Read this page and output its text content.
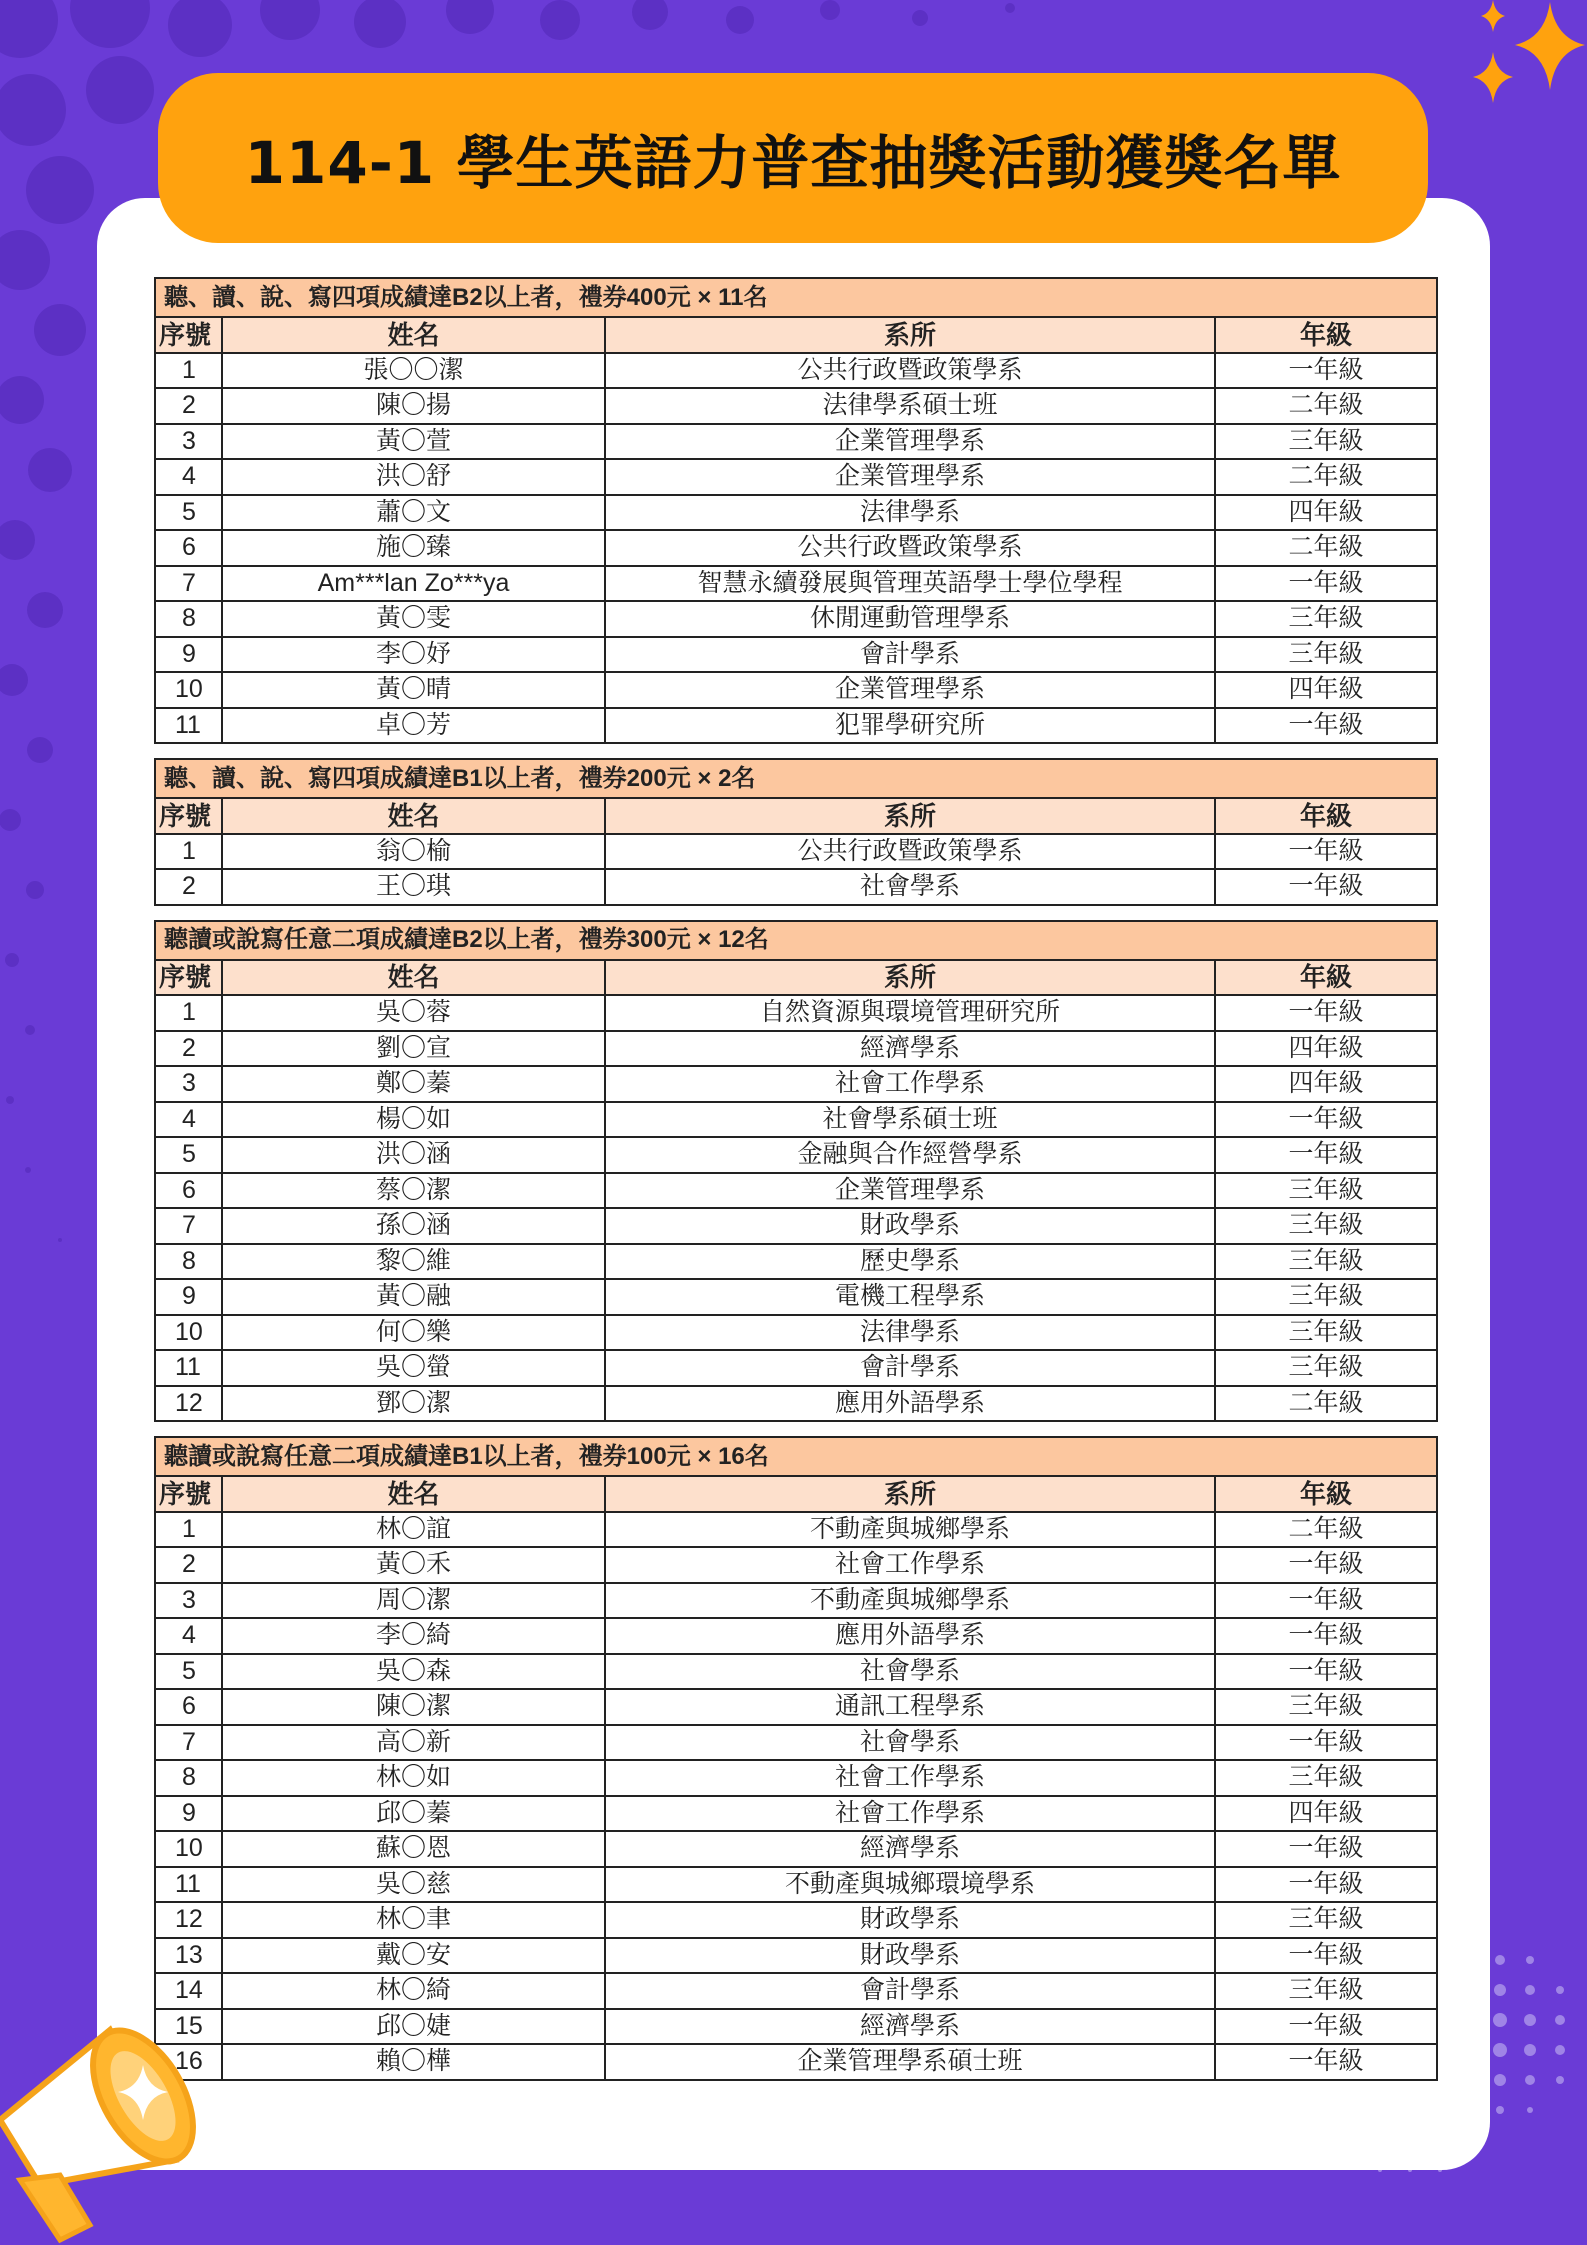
114-1 學生英語力普查抽獎活動獲獎名單
聽、讀、說、寫四項成績達B2以上者，禮券400元 × 11名			
序號	姓名	系所	年級
1	張〇〇潔	公共行政暨政策學系	一年級
2	陳〇揚	法律學系碩士班	二年級
3	黃〇萱	企業管理學系	三年級
4	洪〇舒	企業管理學系	二年級
5	蕭〇文	法律學系	四年級
6	施〇臻	公共行政暨政策學系	二年級
7	Am***lan Zo***ya	智慧永續發展與管理英語學士學位學程	一年級
8	黃〇雯	休閒運動管理學系	三年級
9	李〇妤	會計學系	三年級
10	黃〇晴	企業管理學系	四年級
11	卓〇芳	犯罪學研究所	一年級
聽、讀、說、寫四項成績達B1以上者，禮券200元 × 2名			
序號	姓名	系所	年級
1	翁〇榆	公共行政暨政策學系	一年級
2	王〇琪	社會學系	一年級
聽讀或說寫任意二項成績達B2以上者，禮券300元 × 12名			
序號	姓名	系所	年級
1	吳〇蓉	自然資源與環境管理研究所	一年級
2	劉〇宣	經濟學系	四年級
3	鄭〇蓁	社會工作學系	四年級
4	楊〇如	社會學系碩士班	一年級
5	洪〇涵	金融與合作經營學系	一年級
6	蔡〇潔	企業管理學系	三年級
7	孫〇涵	財政學系	三年級
8	黎〇維	歷史學系	三年級
9	黃〇融	電機工程學系	三年級
10	何〇樂	法律學系	三年級
11	吳〇螢	會計學系	三年級
12	鄧〇潔	應用外語學系	二年級
聽讀或說寫任意二項成績達B1以上者，禮券100元 × 16名			
序號	姓名	系所	年級
1	林〇誼	不動產與城鄉學系	二年級
2	黃〇禾	社會工作學系	一年級
3	周〇潔	不動產與城鄉學系	一年級
4	李〇綺	應用外語學系	一年級
5	吳〇森	社會學系	一年級
6	陳〇潔	通訊工程學系	三年級
7	高〇新	社會學系	一年級
8	林〇如	社會工作學系	三年級
9	邱〇蓁	社會工作學系	四年級
10	蘇〇恩	經濟學系	一年級
11	吳〇慈	不動產與城鄉環境學系	一年級
12	林〇聿	財政學系	三年級
13	戴〇安	財政學系	一年級
14	林〇綺	會計學系	三年級
15	邱〇婕	經濟學系	一年級
16	賴〇樺	企業管理學系碩士班	一年級
